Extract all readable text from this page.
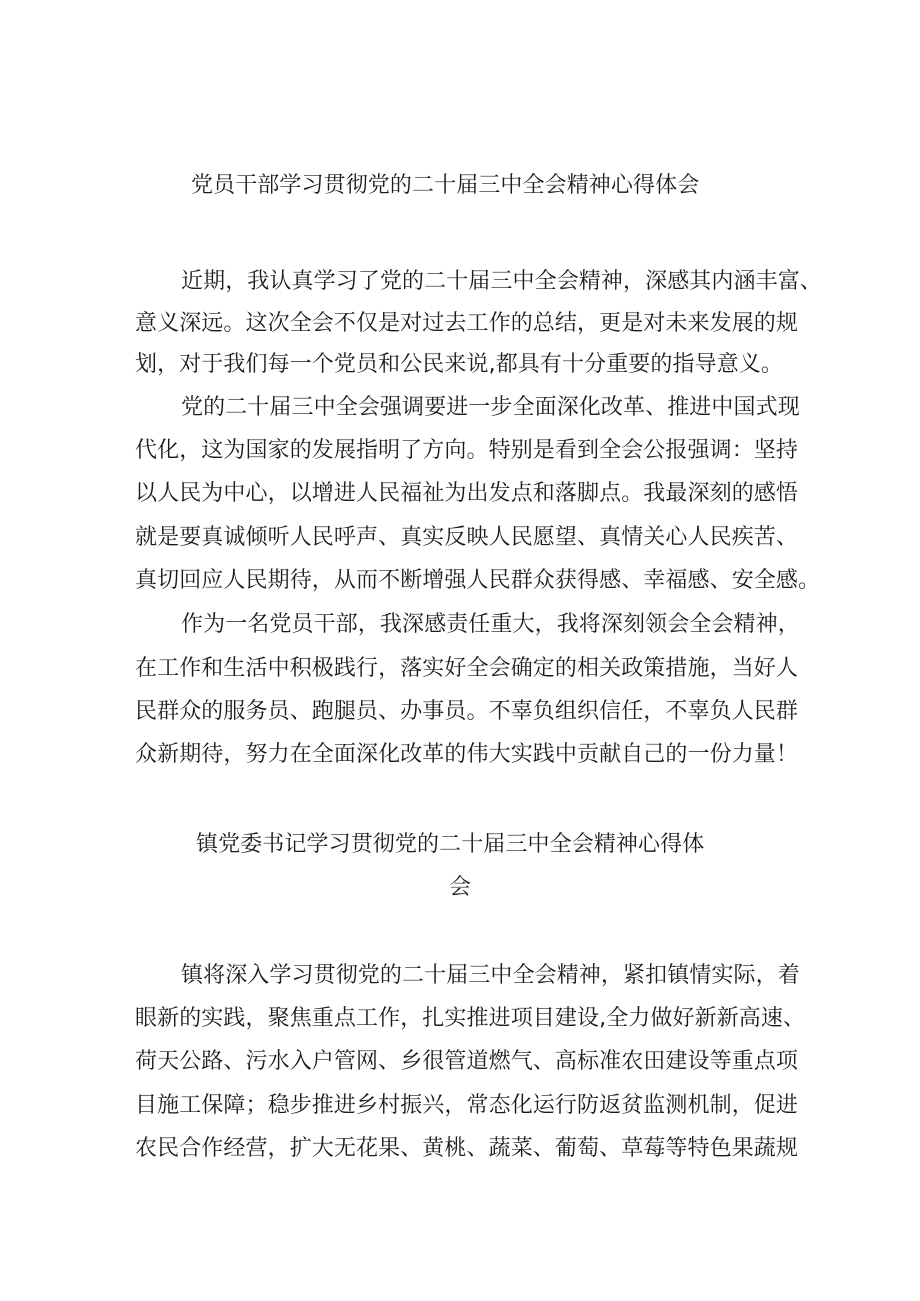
党员干部学习贯彻党的二十届三中全会精神心得体会
近期，我认真学习了党的二十届三中全会精神，深感其内涵丰富、
意义深远。这次全会不仅是对过去工作的总结，更是对未来发展的规
划，对于我们每一个党员和公民来说,都具有十分重要的指导意义。
党的二十届三中全会强调要进一步全面深化改革、推进中国式现
代化，这为国家的发展指明了方向。特别是看到全会公报强调：坚持
以人民为中心，以增进人民福祉为出发点和落脚点。我最深刻的感悟
就是要真诚倾听人民呼声、真实反映人民愿望、真情关心人民疾苦、
真切回应人民期待，从而不断增强人民群众获得感、幸福感、安全感。
作为一名党员干部，我深感责任重大，我将深刻领会全会精神，
在工作和生活中积极践行，落实好全会确定的相关政策措施，当好人
民群众的服务员、跑腿员、办事员。不辜负组织信任，不辜负人民群
众新期待，努力在全面深化改革的伟大实践中贡献自己的一份力量！
镇党委书记学习贯彻党的二十届三中全会精神心得体
会
镇将深入学习贯彻党的二十届三中全会精神，紧扣镇情实际，着
眼新的实践，聚焦重点工作，扎实推进项目建设,全力做好新新高速、
荷天公路、污水入户管网、乡很管道燃气、高标准农田建设等重点项
目施工保障；稳步推进乡村振兴，常态化运行防返贫监测机制，促进
农民合作经营，扩大无花果、黄桃、蔬菜、葡萄、草莓等特色果蔬规
